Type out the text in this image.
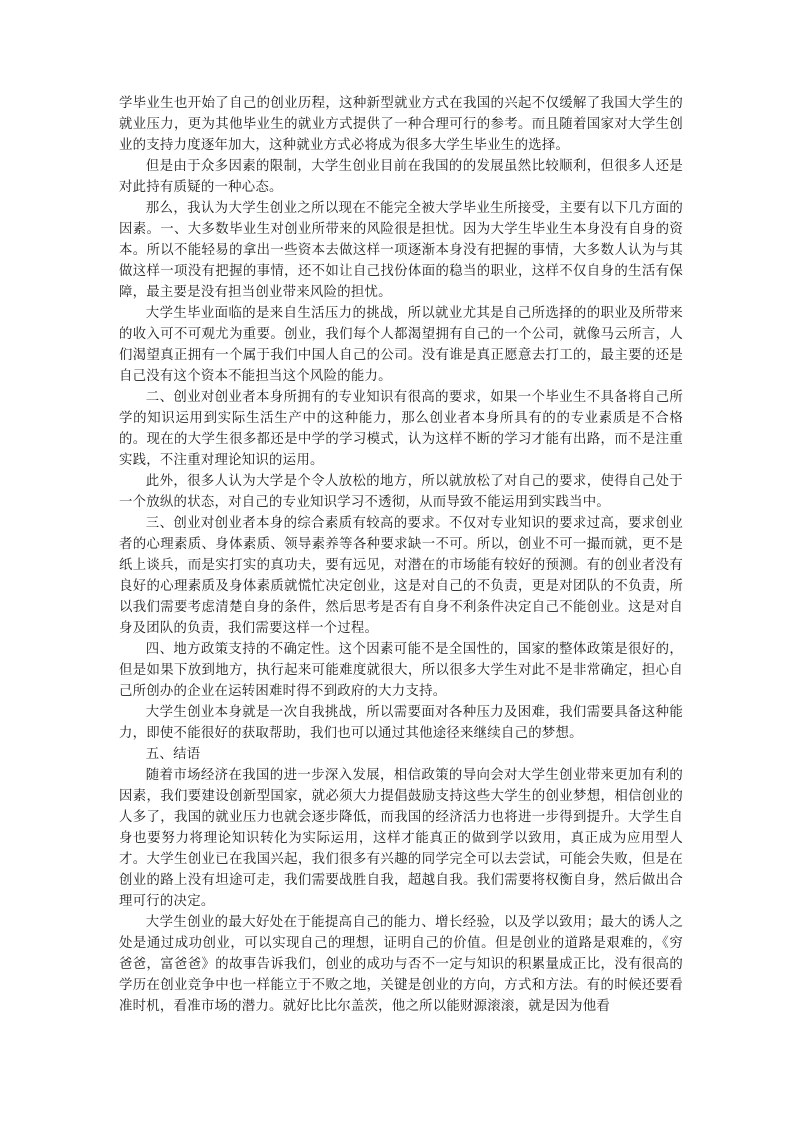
学毕业生也开始了自己的创业历程，这种新型就业方式在我国的兴起不仅缓解了我国大学生的就业压力，更为其他毕业生的就业方式提供了一种合理可行的参考。而且随着国家对大学生创业的支持力度逐年加大，这种就业方式必将成为很多大学生毕业生的选择。

但是由于众多因素的限制，大学生创业目前在我国的的发展虽然比较顺利，但很多人还是对此持有质疑的一种心态。

那么，我认为大学生创业之所以现在不能完全被大学毕业生所接受，主要有以下几方面的因素。一、大多数毕业生对创业所带来的风险很是担忧。因为大学生毕业生本身没有自身的资本。所以不能轻易的拿出一些资本去做这样一项逐渐本身没有把握的事情，大多数人认为与其做这样一项没有把握的事情，还不如让自己找份体面的稳当的职业，这样不仅自身的生活有保障，最主要是没有担当创业带来风险的担忧。

大学生毕业面临的是来自生活压力的挑战，所以就业尤其是自己所选择的的职业及所带来的收入可不可观尤为重要。创业，我们每个人都渴望拥有自己的一个公司，就像马云所言，人们渴望真正拥有一个属于我们中国人自己的公司。没有谁是真正愿意去打工的，最主要的还是自己没有这个资本不能担当这个风险的能力。

二、创业对创业者本身所拥有的专业知识有很高的要求，如果一个毕业生不具备将自己所学的知识运用到实际生活生产中的这种能力，那么创业者本身所具有的的专业素质是不合格的。现在的大学生很多都还是中学的学习模式，认为这样不断的学习才能有出路，而不是注重实践，不注重对理论知识的运用。

此外，很多人认为大学是个令人放松的地方，所以就放松了对自己的要求，使得自己处于一个放纵的状态，对自己的专业知识学习不透彻，从而导致不能运用到实践当中。

三、创业对创业者本身的综合素质有较高的要求。不仅对专业知识的要求过高，要求创业者的心理素质、身体素质、领导素养等各种要求缺一不可。所以，创业不可一撮而就，更不是纸上谈兵，而是实打实的真功夫，要有远见，对潜在的市场能有较好的预测。有的创业者没有良好的心理素质及身体素质就慌忙决定创业，这是对自己的不负责，更是对团队的不负责，所以我们需要考虑清楚自身的条件，然后思考是否有自身不利条件决定自己不能创业。这是对自身及团队的负责，我们需要这样一个过程。

四、地方政策支持的不确定性。这个因素可能不是全国性的，国家的整体政策是很好的，但是如果下放到地方，执行起来可能难度就很大，所以很多大学生对此不是非常确定，担心自己所创办的企业在运转困难时得不到政府的大力支持。

大学生创业本身就是一次自我挑战，所以需要面对各种压力及困难，我们需要具备这种能力，即使不能很好的获取帮助，我们也可以通过其他途径来继续自己的梦想。

五、结语

随着市场经济在我国的进一步深入发展，相信政策的导向会对大学生创业带来更加有利的因素，我们要建设创新型国家，就必须大力提倡鼓励支持这些大学生的创业梦想，相信创业的人多了，我国的就业压力也就会逐步降低，而我国的经济活力也将进一步得到提升。大学生自身也要努力将理论知识转化为实际运用，这样才能真正的做到学以致用，真正成为应用型人才。大学生创业已在我国兴起，我们很多有兴趣的同学完全可以去尝试，可能会失败，但是在创业的路上没有坦途可走，我们需要战胜自我，超越自我。我们需要将权衡自身，然后做出合理可行的决定。

大学生创业的最大好处在于能提高自己的能力、增长经验，以及学以致用；最大的诱人之处是通过成功创业，可以实现自己的理想，证明自己的价值。但是创业的道路是艰难的，《穷爸爸，富爸爸》的故事告诉我们，创业的成功与否不一定与知识的积累量成正比，没有很高的学历在创业竞争中也一样能立于不败之地，关键是创业的方向，方式和方法。有的时候还要看准时机，看准市场的潜力。就好比比尔盖茨，他之所以能财源滚滚，就是因为他看
